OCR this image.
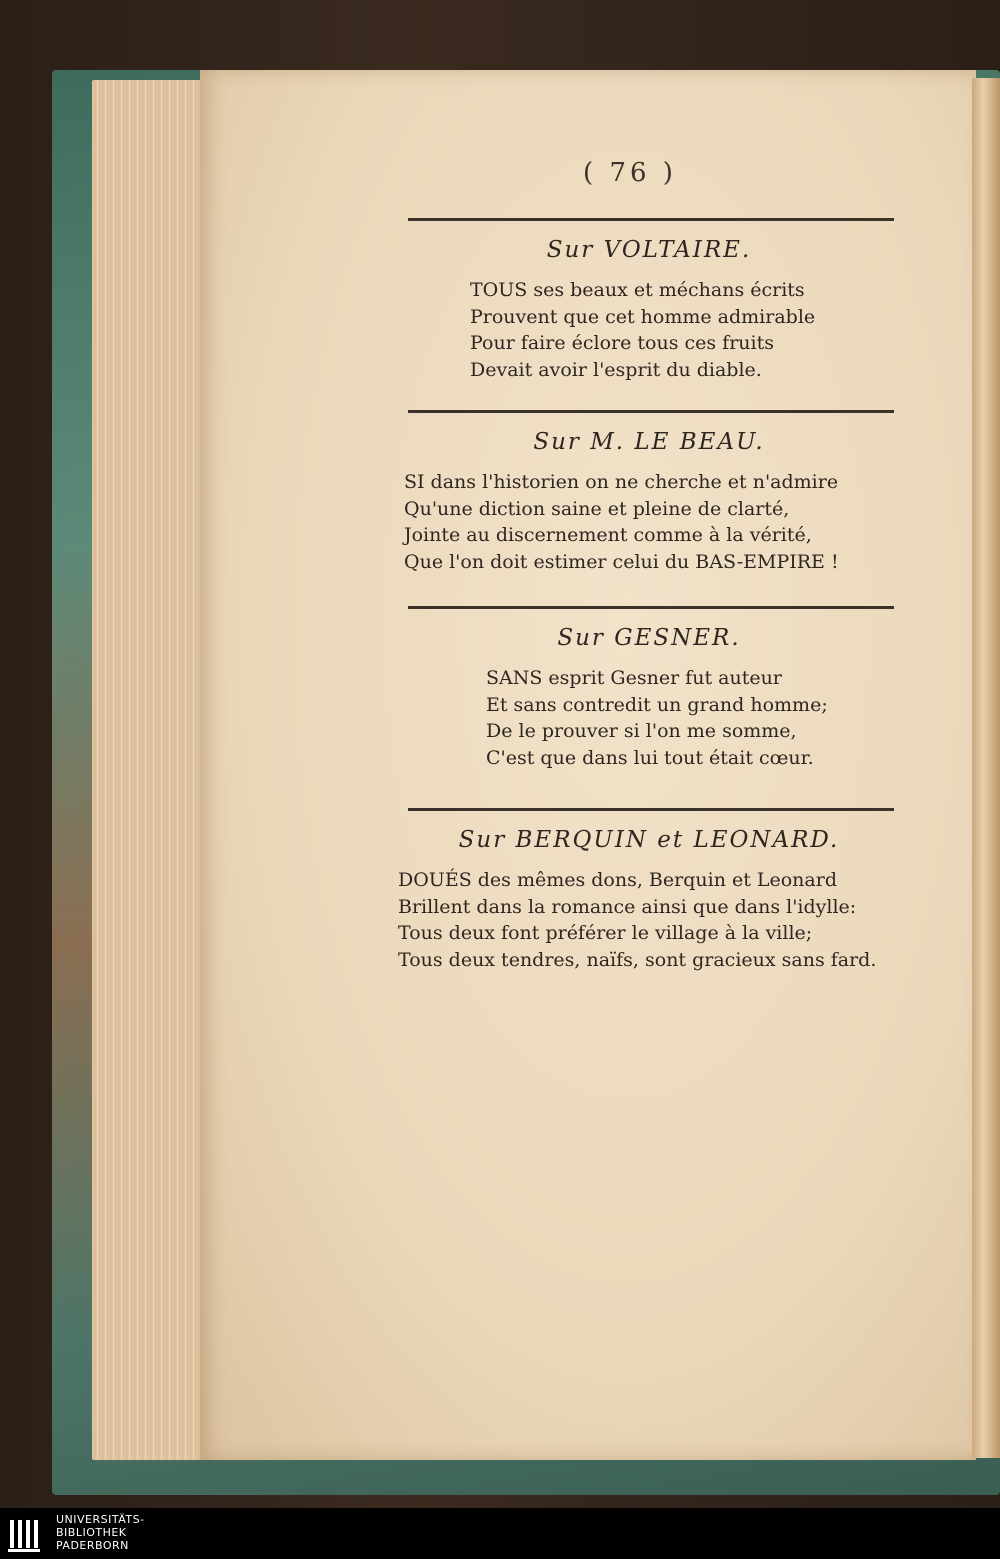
( 76 )
Sur VOLTAIRE.
TOUS ses beaux et méchans écrits
Prouvent que cet homme admirable
Pour faire éclore tous ces fruits
Devait avoir l'esprit du diable.
Sur M. LE BEAU.
SI dans l'historien on ne cherche et n'admire
Qu'une diction saine et pleine de clarté,
Jointe au discernement comme à la vérité,
Que l'on doit estimer celui du BAS-EMPIRE !
Sur GESNER.
SANS esprit Gesner fut auteur
Et sans contredit un grand homme;
De le prouver si l'on me somme,
C'est que dans lui tout était cœur.
Sur BERQUIN et LEONARD.
DOUÉS des mêmes dons, Berquin et Leonard
Brillent dans la romance ainsi que dans l'idylle:
Tous deux font préférer le village à la ville;
Tous deux tendres, naïfs, sont gracieux sans fard.
UNIVERSITÄTS-
BIBLIOTHEK
PADERBORN
